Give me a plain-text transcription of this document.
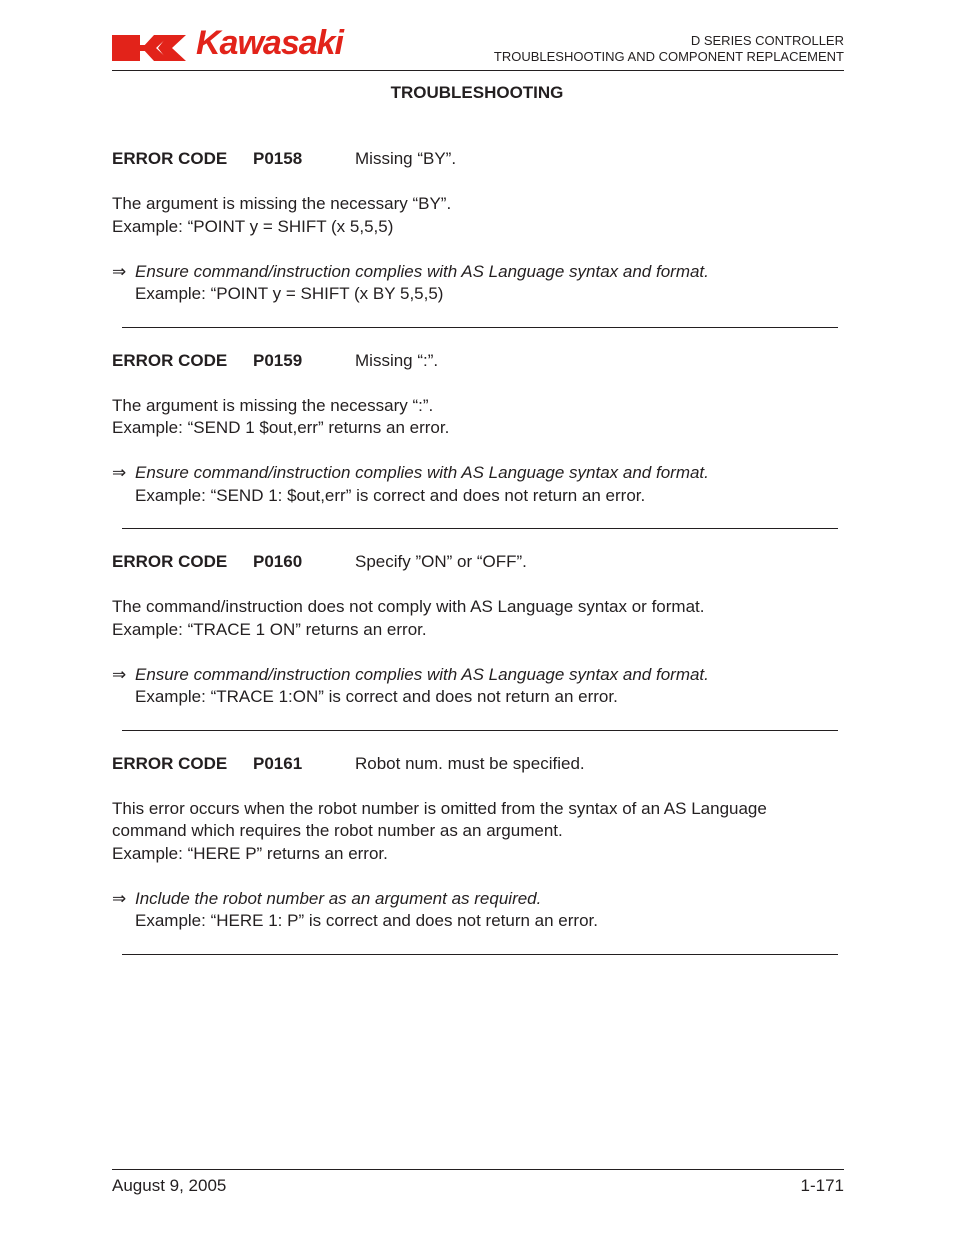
Kawasaki	D SERIES CONTROLLER
TROUBLESHOOTING AND COMPONENT REPLACEMENT
TROUBLESHOOTING
ERROR CODE P0158	Missing “BY”.
The argument is missing the necessary “BY”.
Example: “POINT y = SHIFT (x 5,5,5)
⇒ Ensure command/instruction complies with AS Language syntax and format.
Example: “POINT y = SHIFT (x BY 5,5,5)
ERROR CODE P0159	Missing “:”.
The argument is missing the necessary “:”.
Example: “SEND 1 $out,err” returns an error.
⇒ Ensure command/instruction complies with AS Language syntax and format.
Example: “SEND 1: $out,err” is correct and does not return an error.
ERROR CODE P0160	Specify ”ON” or “OFF”.
The command/instruction does not comply with AS Language syntax or format.
Example: “TRACE 1 ON” returns an error.
⇒ Ensure command/instruction complies with AS Language syntax and format.
Example: “TRACE 1:ON” is correct and does not return an error.
ERROR CODE P0161	Robot num. must be specified.
This error occurs when the robot number is omitted from the syntax of an AS Language
command which requires the robot number as an argument.
Example: “HERE P” returns an error.
⇒ Include the robot number as an argument as required.
Example: “HERE 1: P” is correct and does not return an error.
August 9, 2005	1-171
